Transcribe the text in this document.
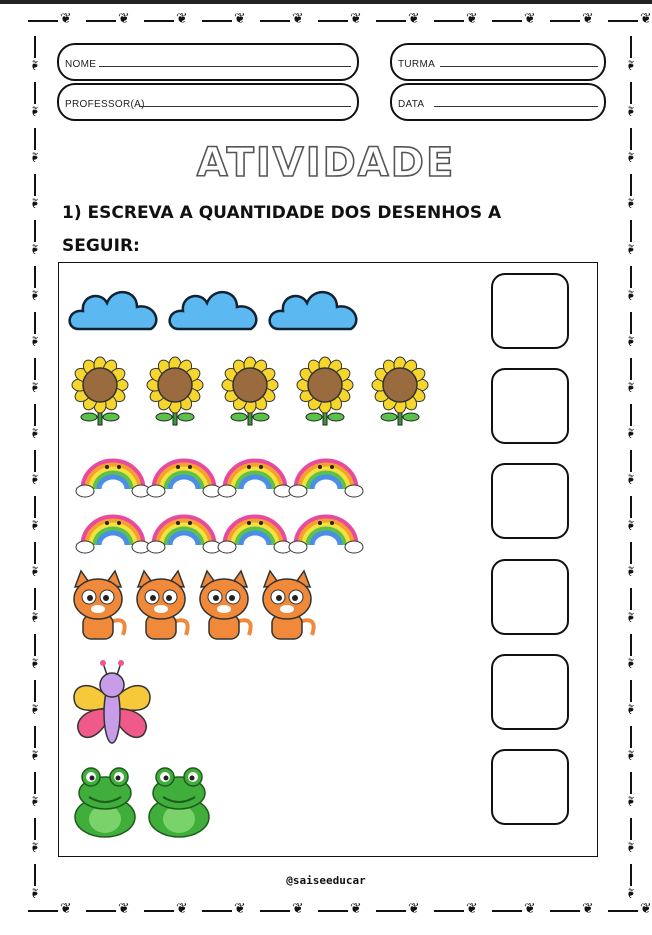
❦	❦	❦	❦	❦	❦	❦	❦	❦	❦	❦
❦	❦	❦	❦	❦	❦	❦	❦	❦	❦	❦
❧
❧
❧
❧
❧
❧
❧
❧
❧
❧
❧
❧
❧
❧
❧
❧
❧
❧
❧
❧
❧
❧
❧
❧
❧
❧
❧
❧
❧
❧
❧
❧
❧
❧
❧
❧
❧
❧
NOME	TURMA
PROFESSOR(A)	DATA
ATIVIDADE
1) ESCREVA A QUANTIDADE DOS DESENHOS A SEGUIR:
@saiseeducar
